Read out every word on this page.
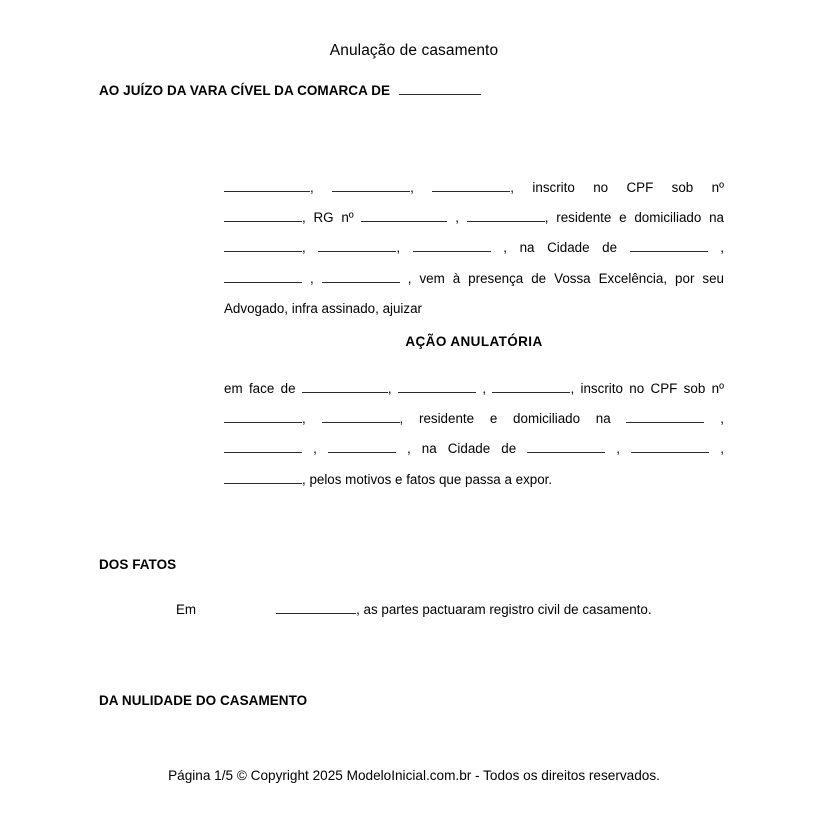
Anulação de casamento
AO JUÍZO DA VARA CÍVEL DA COMARCA DE
,	,	, inscrito no CPF sob nº
, RG nº	,	, residente e domiciliado na
,	,	, na Cidade de	,
,	, vem à presença de Vossa Excelência, por seu
Advogado, infra assinado, ajuizar
AÇÃO ANULATÓRIA
em face de	,	,	, inscrito no CPF sob nº
,	, residente e domiciliado na	,
,	, na Cidade de	,	,
, pelos motivos e fatos que passa a expor.
DOS FATOS
Em	, as partes pactuaram registro civil de casamento.
DA NULIDADE DO CASAMENTO
Página 1/5 © Copyright 2025 ModeloInicial.com.br - Todos os direitos reservados.
